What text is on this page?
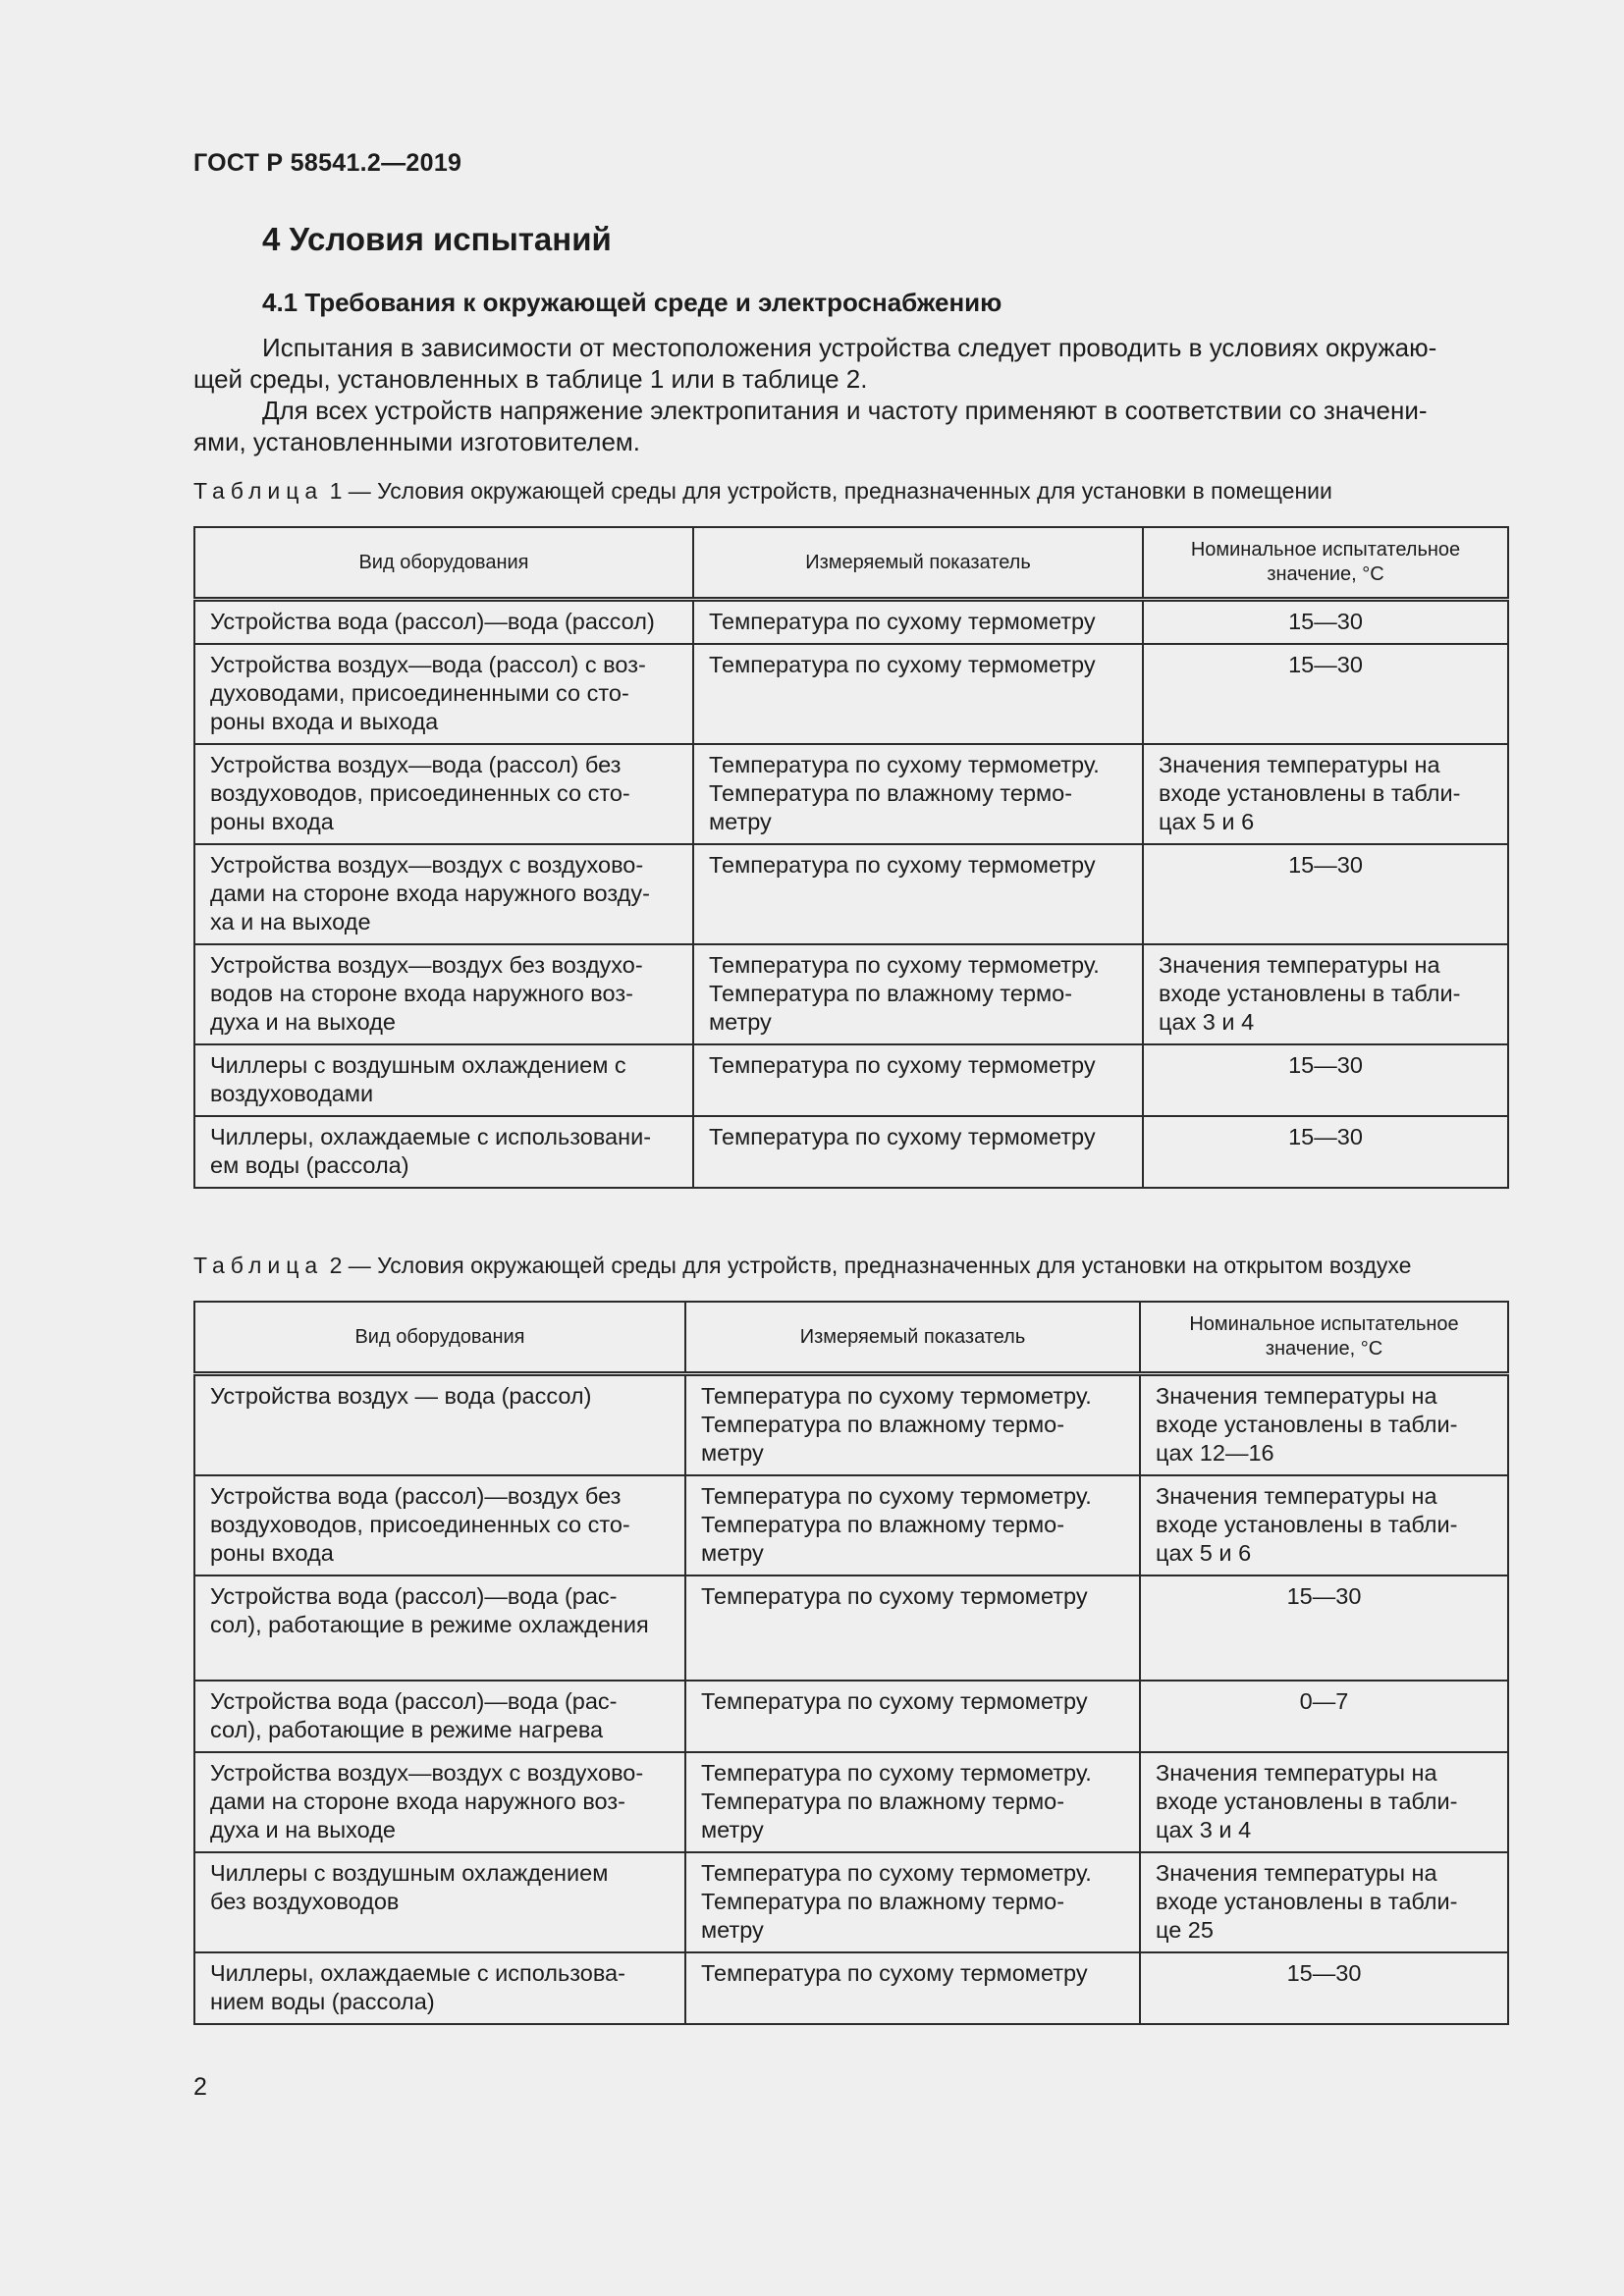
ГОСТ Р 58541.2—2019
4 Условия испытаний
4.1 Требования к окружающей среде и электроснабжению
Испытания в зависимости от местоположения устройства следует проводить в условиях окружаю-
щей среды, установленных в таблице 1 или в таблице 2.
Для всех устройств напряжение электропитания и частоту применяют в соответствии со значени-
ями, установленными изготовителем.
Таблица 1 — Условия окружающей среды для устройств, предназначенных для установки в помещении
Вид оборудования	Измеряемый показатель	Номинальное испытательное значение, °С

Устройства вода (рассол)—вода (рассол)	Температура по сухому термометру	15—30

Устройства воздух—вода (рассол) с воз-
духоводами, присоединенными со сто-
роны входа и выхода	Температура по сухому термометру	15—30

Устройства воздух—вода (рассол) без
воздуховодов, присоединенных со сто-
роны входа	Температура по сухому термометру.
Температура по влажному термо-
метру	Значения температуры на
входе установлены в табли-
цах 5 и 6

Устройства воздух—воздух с воздухово-
дами на стороне входа наружного возду-
ха и на выходе	Температура по сухому термометру	15—30

Устройства воздух—воздух без воздухо-
водов на стороне входа наружного воз-
духа и на выходе	Температура по сухому термометру.
Температура по влажному термо-
метру	Значения температуры на
входе установлены в табли-
цах 3 и 4

Чиллеры с воздушным охлаждением с
воздуховодами	Температура по сухому термометру	15—30

Чиллеры, охлаждаемые с использовани-
ем воды (рассола)	Температура по сухому термометру	15—30
Таблица 2 — Условия окружающей среды для устройств, предназначенных для установки на открытом воздухе
Вид оборудования	Измеряемый показатель	Номинальное испытательное значение, °С

Устройства воздух — вода (рассол)	Температура по сухому термометру.
Температура по влажному термо-
метру	Значения температуры на
входе установлены в табли-
цах 12—16

Устройства вода (рассол)—воздух без
воздуховодов, присоединенных со сто-
роны входа	Температура по сухому термометру.
Температура по влажному термо-
метру	Значения температуры на
входе установлены в табли-
цах 5 и 6

Устройства вода (рассол)—вода (рас-
сол), работающие в режиме охлаждения	Температура по сухому термометру	15—30

Устройства вода (рассол)—вода (рас-
сол), работающие в режиме нагрева	Температура по сухому термометру	0—7

Устройства воздух—воздух с воздухово-
дами на стороне входа наружного воз-
духа и на выходе	Температура по сухому термометру.
Температура по влажному термо-
метру	Значения температуры на
входе установлены в табли-
цах 3 и 4

Чиллеры с воздушным охлаждением
без воздуховодов	Температура по сухому термометру.
Температура по влажному термо-
метру	Значения температуры на
входе установлены в табли-
це 25

Чиллеры, охлаждаемые с использова-
нием воды (рассола)	Температура по сухому термометру	15—30
2
